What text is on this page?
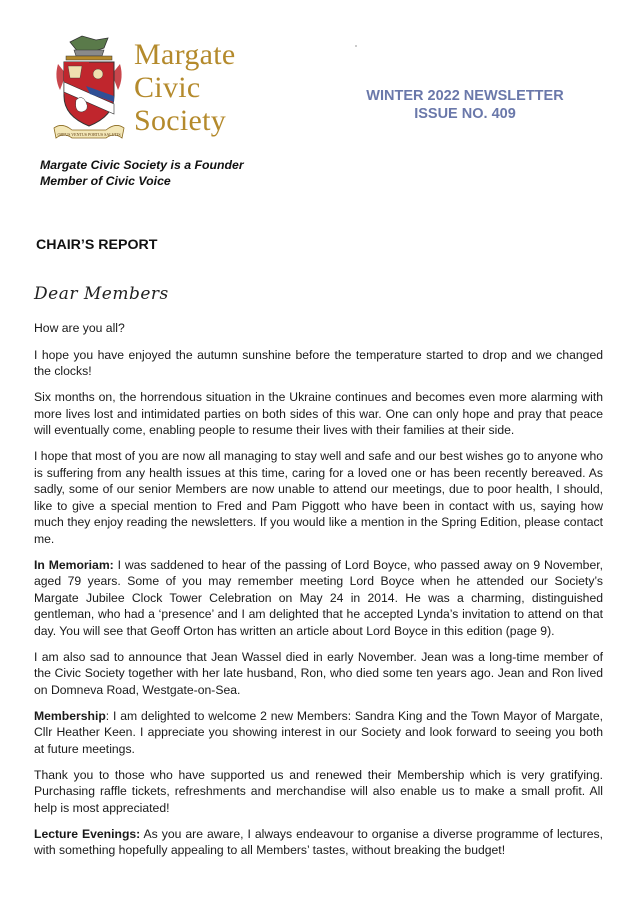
ORTUS VENTUS PORTUS SALUTIS
Margate
Civic
Society
WINTER 2022 NEWSLETTER
ISSUE NO. 409
Margate Civic Society is a Founder
Member of Civic Voice
CHAIR’S REPORT
Dear Members

How are you all?

I hope you have enjoyed the autumn sunshine before the temperature started to drop and we changed the clocks!

Six months on, the horrendous situation in the Ukraine continues and becomes even more alarming with more lives lost and intimidated parties on both sides of this war. One can only hope and pray that peace will eventually come, enabling people to resume their lives with their families at their side.

I hope that most of you are now all managing to stay well and safe and our best wishes go to anyone who is suffering from any health issues at this time, caring for a loved one or has been recently bereaved. As sadly, some of our senior Members are now unable to attend our meetings, due to poor health, I should, like to give a special mention to Fred and Pam Piggott who have been in contact with us, saying how much they enjoy reading the newsletters. If you would like a mention in the Spring Edition, please contact me.

In Memoriam: I was saddened to hear of the passing of Lord Boyce, who passed away on 9 November, aged 79 years. Some of you may remember meeting Lord Boyce when he attended our Society’s Margate Jubilee Clock Tower Celebration on May 24 in 2014. He was a charming, distinguished gentleman, who had a ‘presence’ and I am delighted that he accepted Lynda’s invitation to attend on that day. You will see that Geoff Orton has written an article about Lord Boyce in this edition (page 9).

I am also sad to announce that Jean Wassel died in early November. Jean was a long-time member of the Civic Society together with her late husband, Ron, who died some ten years ago. Jean and Ron lived on Domneva Road, Westgate-on-Sea.

Membership: I am delighted to welcome 2 new Members: Sandra King and the Town Mayor of Margate, Cllr Heather Keen. I appreciate you showing interest in our Society and look forward to seeing you both at future meetings.

Thank you to those who have supported us and renewed their Membership which is very gratifying. Purchasing raffle tickets, refreshments and merchandise will also enable us to make a small profit. All help is most appreciated!

Lecture Evenings: As you are aware, I always endeavour to organise a diverse programme of lectures, with something hopefully appealing to all Members’ tastes, without breaking the budget!
